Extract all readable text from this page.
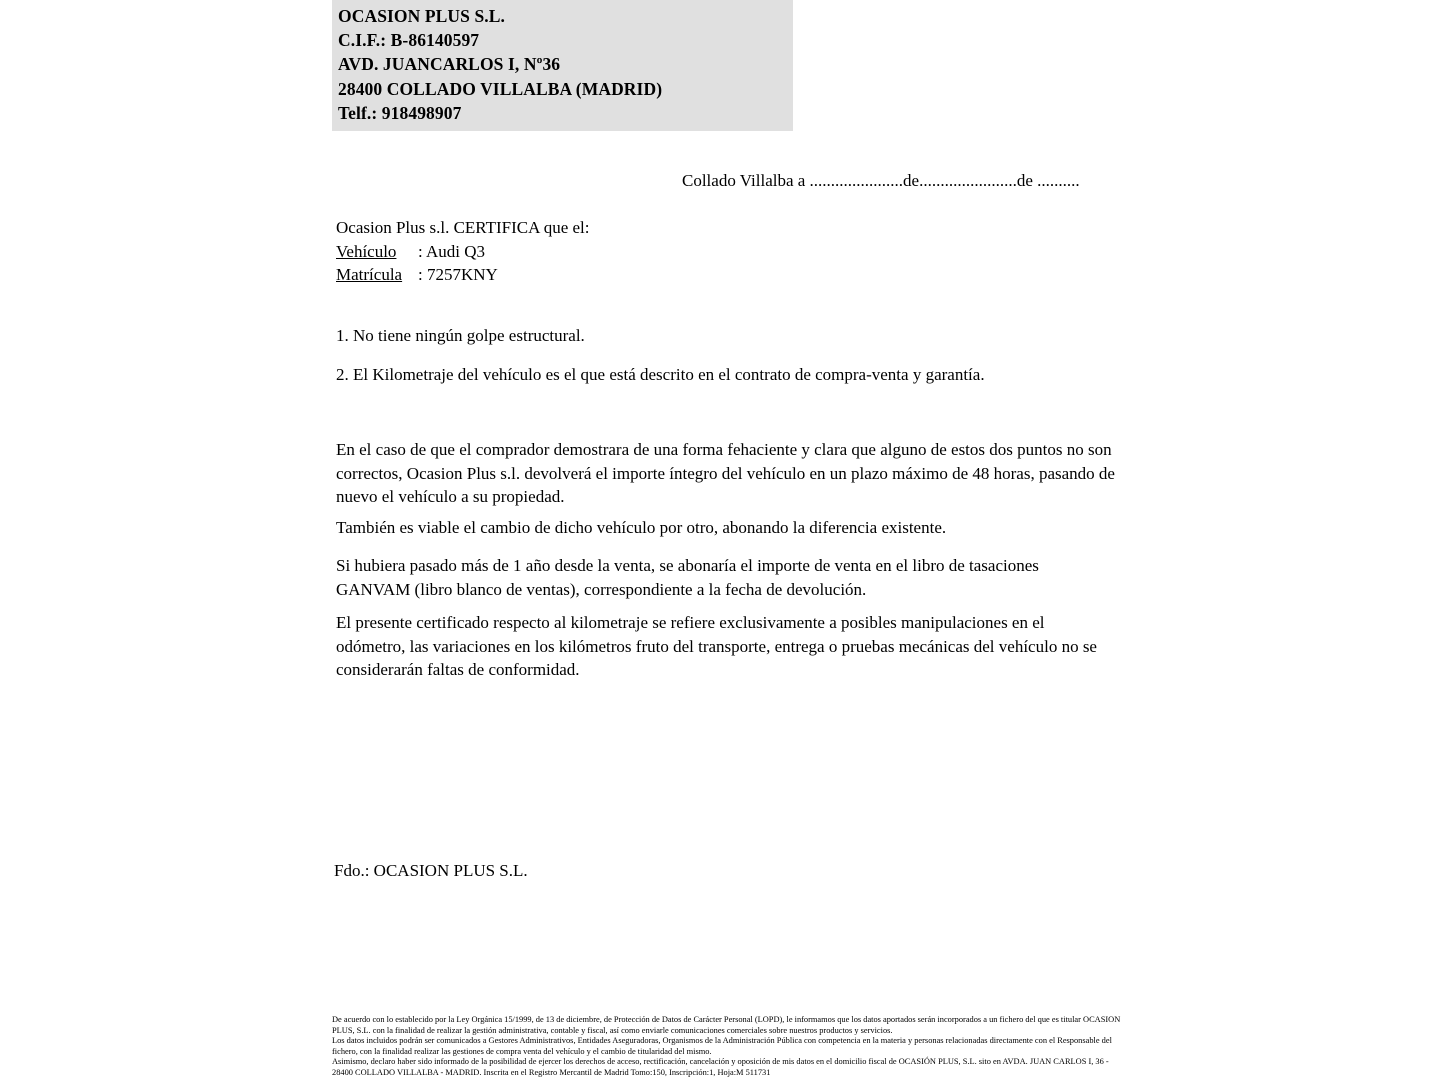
OCASION PLUS S.L.
C.I.F.: B-86140597
AVD. JUANCARLOS I, Nº36
28400 COLLADO VILLALBA (MADRID)
Telf.: 918498907
Collado Villalba a ......................de.......................de ..........
Ocasion Plus s.l. CERTIFICA que el:
Vehículo : Audi Q3
Matrícula : 7257KNY
1. No tiene ningún golpe estructural.
2. El Kilometraje del vehículo es el que está descrito en el contrato de compra-venta y garantía.
En el caso de que el comprador demostrara de una forma fehaciente y clara que alguno de estos dos puntos no son correctos, Ocasion Plus s.l. devolverá el importe íntegro del vehículo en un plazo máximo de 48 horas, pasando de nuevo el vehículo a su propiedad.
También es viable el cambio de dicho vehículo por otro, abonando la diferencia existente.
Si hubiera pasado más de 1 año desde la venta, se abonaría el importe de venta en el libro de tasaciones GANVAM (libro blanco de ventas), correspondiente a la fecha de devolución.
El presente certificado respecto al kilometraje se refiere exclusivamente a posibles manipulaciones en el odómetro, las variaciones en los kilómetros fruto del transporte, entrega o pruebas mecánicas del vehículo no se considerarán faltas de conformidad.
Fdo.: OCASION PLUS S.L.

De acuerdo con lo establecido por la Ley Orgánica 15/1999, de 13 de diciembre, de Protección de Datos de Carácter Personal (LOPD), le informamos que los datos aportados serán incorporados a un fichero del que es titular OCASION PLUS, S.L. con la finalidad de realizar la gestión administrativa, contable y fiscal, así como enviarle comunicaciones comerciales sobre nuestros productos y servicios.

Los datos incluidos podrán ser comunicados a Gestores Administrativos, Entidades Aseguradoras, Organismos de la Administración Pública con competencia en la materia y personas relacionadas directamente con el Responsable del fichero, con la finalidad realizar las gestiones de compra venta del vehículo y el cambio de titularidad del mismo.

Asimismo, declaro haber sido informado de la posibilidad de ejercer los derechos de acceso, rectificación, cancelación y oposición de mis datos en el domicilio fiscal de OCASIÓN PLUS, S.L. sito en AVDA. JUAN CARLOS I, 36 - 28400 COLLADO VILLALBA - MADRID. Inscrita en el Registro Mercantil de Madrid Tomo:150, Inscripción:1, Hoja:M 511731
